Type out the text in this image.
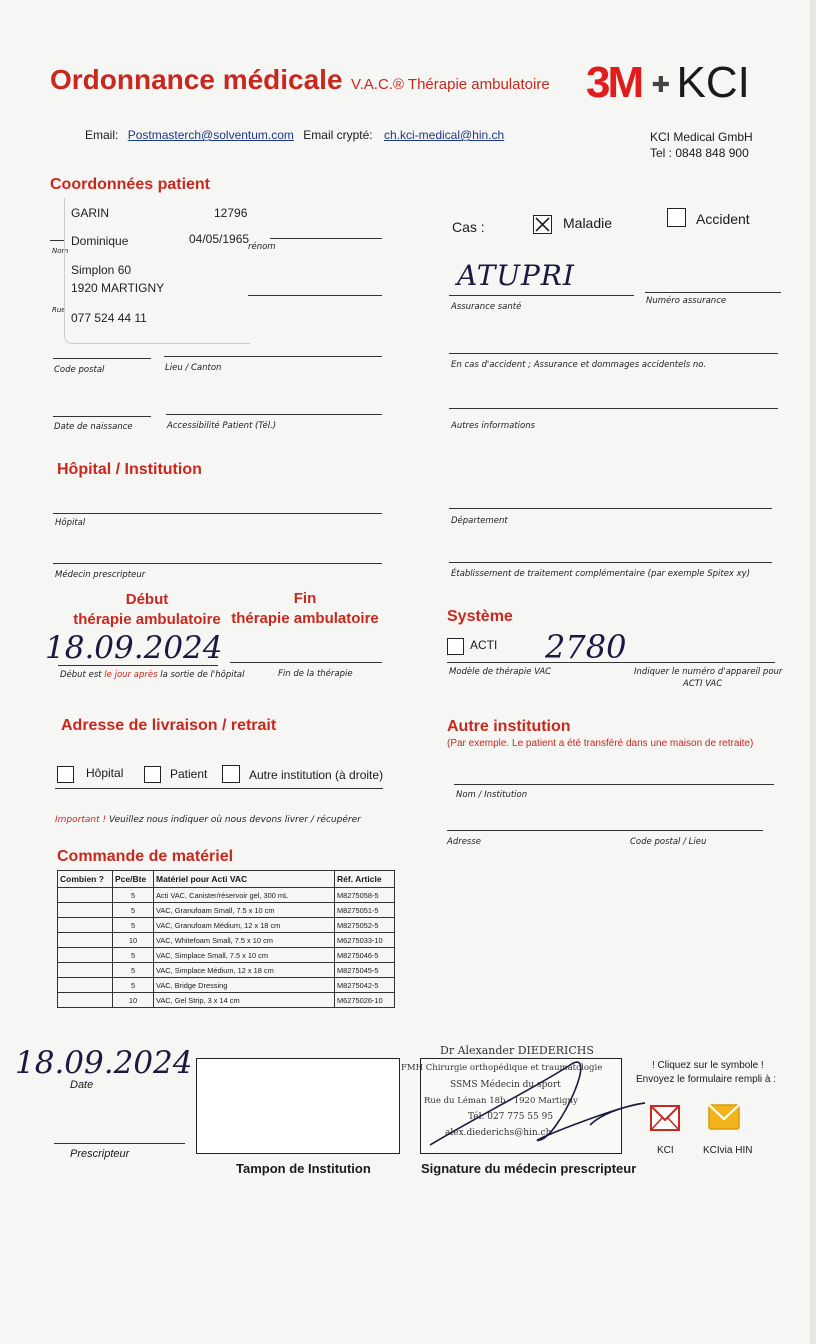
Ordonnance médicale V.A.C.® Thérapie ambulatoire 3M ✚ KCI
Email: Postmasterch@solventum.com Email crypté: ch.kci-medical@hin.ch	KCI Medical GmbH
Tel : 0848 848 900
Coordonnées patient
GARIN	12796
Dominique	04/05/1965
rénom
Nom
Simplon 60
1920 MARTIGNY
Rue
077 524 44 11
Code postal	Lieu / Canton
Date de naissance	Accessibilité Patient (Tél.)
Cas :	Maladie	Accident
ATUPRI
Assurance santé
Numéro assurance
En cas d'accident ; Assurance et dommages accidentels no.
Autres informations
Hôpital / Institution
Hôpital
Médecin prescripteur
Département
Établissement de traitement complémentaire (par exemple Spitex xy)
Début
thérapie ambulatoire
Fin
thérapie ambulatoire
18.09.2024
Début est le jour après la sortie de l'hôpital	Fin de la thérapie
Système
ACTI 2780
Modèle de thérapie VAC	Indiquer le numéro d'appareil pour
ACTI VAC
Adresse de livraison / retrait
Hôpital	Patient	Autre institution (à droite)
Important ! Veuillez nous indiquer où nous devons livrer / récupérer
Autre institution
(Par exemple. Le patient a été transféré dans une maison de retraite)
Nom / Institution
Adresse	Code postal / Lieu
Commande de matériel
Combien ?	Pce/Bte	Matériel pour Acti VAC	Réf. Article
	5	Acti VAC, Canister/réservoir gel, 300 mL	M8275058-5
	5	VAC, Granufoam Small, 7.5 x 10 cm	M8275051-5
	5	VAC, Granufoam Médium, 12 x 18 cm	M8275052-5
	10	VAC, Whitefoam Small, 7.5 x 10 cm	M6275033-10
	5	VAC, Simplace Small, 7.5 x 10 cm	M8275046-5
	5	VAC, Simplace Médium, 12 x 18 cm	M8275045-5
	5	VAC, Bridge Dressing	M8275042-5
	10	VAC, Gel Strip, 3 x 14 cm	M6275026-10
18.09.2024
Date
Prescripteur
Tampon de Institution
Dr Alexander DIEDERICHS
FMH Chirurgie orthopédique et traumatologie
SSMS Médecin du sport
Rue du Léman 18b - 1920 Martigny
Tél. 027 775 55 95
alex.diederichs@hin.ch
Signature du médecin prescripteur
! Cliquez sur le symbole !
Envoyez le formulaire rempli à :
KCI	KCIvia HIN
